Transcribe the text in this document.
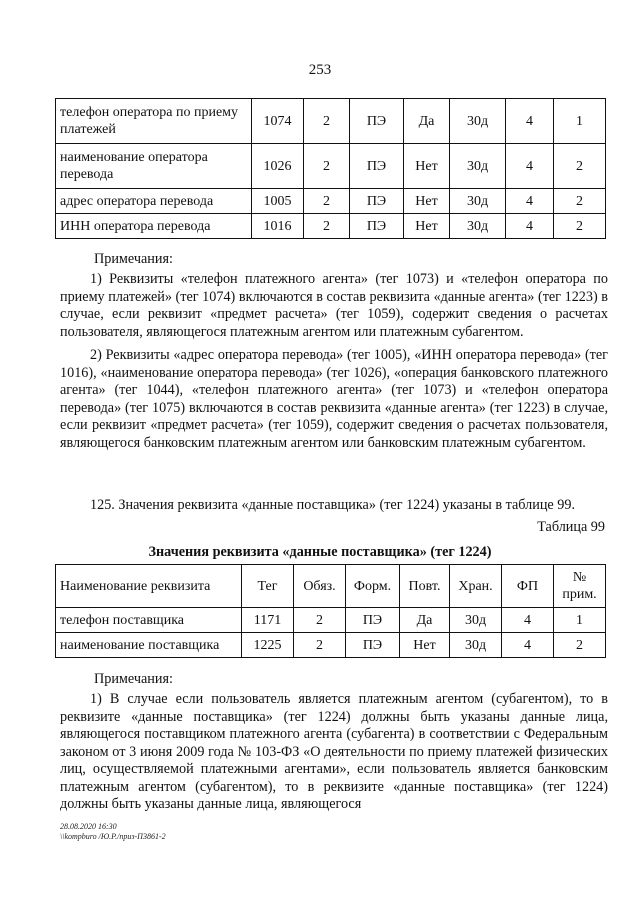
253
телефон оператора по приему платежей	1074	2	ПЭ	Да	30д	4	1
наименование оператора перевода	1026	2	ПЭ	Нет	30д	4	2
адрес оператора перевода	1005	2	ПЭ	Нет	30д	4	2
ИНН оператора перевода	1016	2	ПЭ	Нет	30д	4	2

Примечания:

1) Реквизиты «телефон платежного агента» (тег 1073) и «телефон оператора по приему платежей» (тег 1074) включаются в состав реквизита «данные агента» (тег 1223) в случае, если реквизит «предмет расчета» (тег 1059), содержит сведения о расчетах пользователя, являющегося платежным агентом или платежным субагентом.

2) Реквизиты «адрес оператора перевода» (тег 1005), «ИНН оператора перевода» (тег 1016), «наименование оператора перевода» (тег 1026), «операция банковского платежного агента» (тег 1044), «телефон платежного агента» (тег 1073) и «телефон оператора перевода» (тег 1075) включаются в состав реквизита «данные агента» (тег 1223) в случае, если реквизит «предмет расчета» (тег 1059), содержит сведения о расчетах пользователя, являющегося банковским платежным агентом или банковским платежным субагентом.

125. Значения реквизита «данные поставщика» (тег 1224) указаны в таблице 99.

Таблица 99

Значения реквизита «данные поставщика» (тег 1224)
Наименование реквизита	Тег	Обяз.	Форм.	Повт.	Хран.	ФП	№ прим.
телефон поставщика	1171	2	ПЭ	Да	30д	4	1
наименование поставщика	1225	2	ПЭ	Нет	30д	4	2

Примечания:

1) В случае если пользователь является платежным агентом (субагентом), то в реквизите «данные поставщика» (тег 1224) должны быть указаны данные лица, являющегося поставщиком платежного агента (субагента) в соответствии с Федеральным законом от 3 июня 2009 года № 103-ФЗ «О деятельности по приему платежей физических лиц, осуществляемой платежными агентами», если пользователь является банковским платежным агентом (субагентом), то в реквизите «данные поставщика» (тег 1224) должны быть указаны данные лица, являющегося

28.08.2020 16:30
\\kompburo /Ю.Р./приз-П3861-2
